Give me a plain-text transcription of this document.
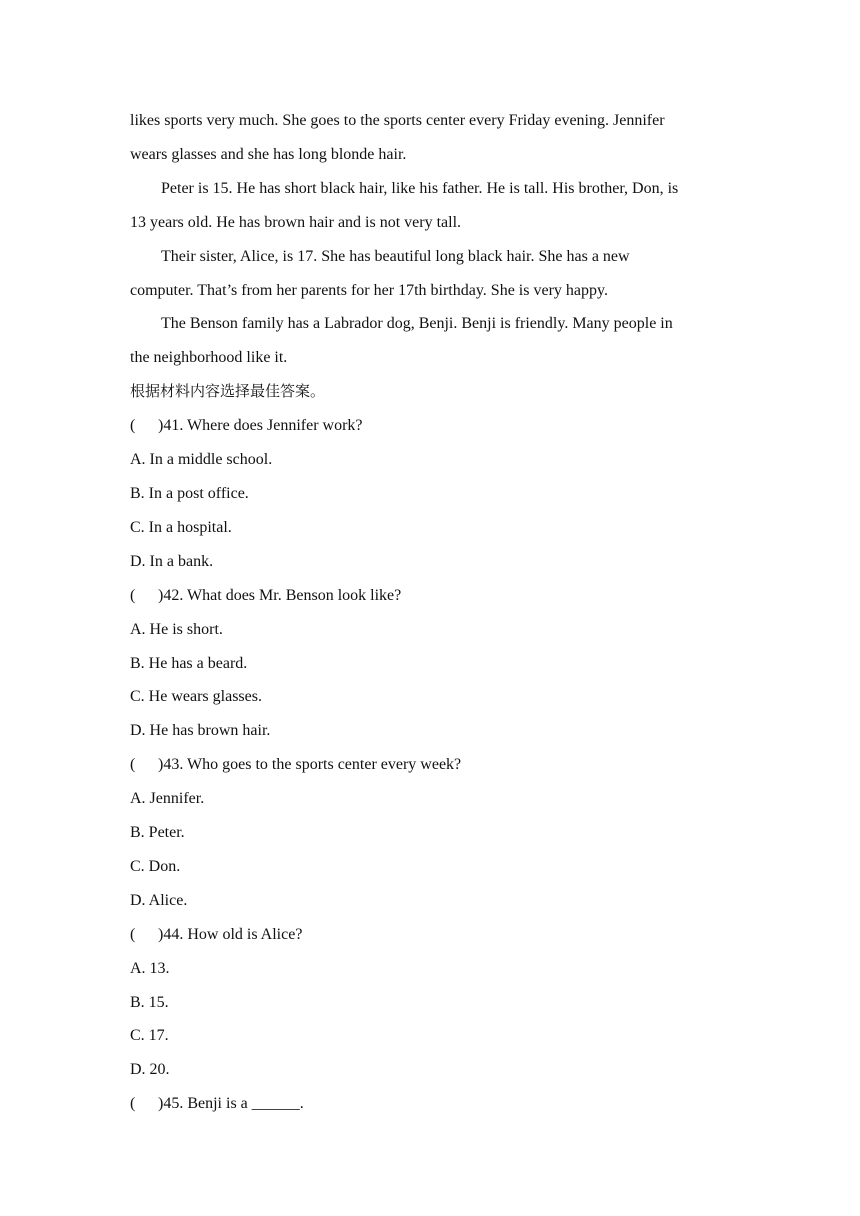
likes sports very much. She goes to the sports center every Friday evening. Jennifer

wears glasses and she has long blonde hair.

Peter is 15. He has short black hair, like his father. He is tall. His brother, Don, is

13 years old. He has brown hair and is not very tall.

Their sister, Alice, is 17. She has beautiful long black hair. She has a new

computer. That’s from her parents for her 17th birthday. She is very happy.

The Benson family has a Labrador dog, Benji. Benji is friendly. Many people in

the neighborhood like it.

根据材料内容选择最佳答案。

( )41. Where does Jennifer work?

A. In a middle school.

B. In a post office.

C. In a hospital.

D. In a bank.

( )42. What does Mr. Benson look like?

A. He is short.

B. He has a beard.

C. He wears glasses.

D. He has brown hair.

( )43. Who goes to the sports center every week?

A. Jennifer.

B. Peter.

C. Don.

D. Alice.

( )44. How old is Alice?

A. 13.

B. 15.

C. 17.

D. 20.

( )45. Benji is a ______.
